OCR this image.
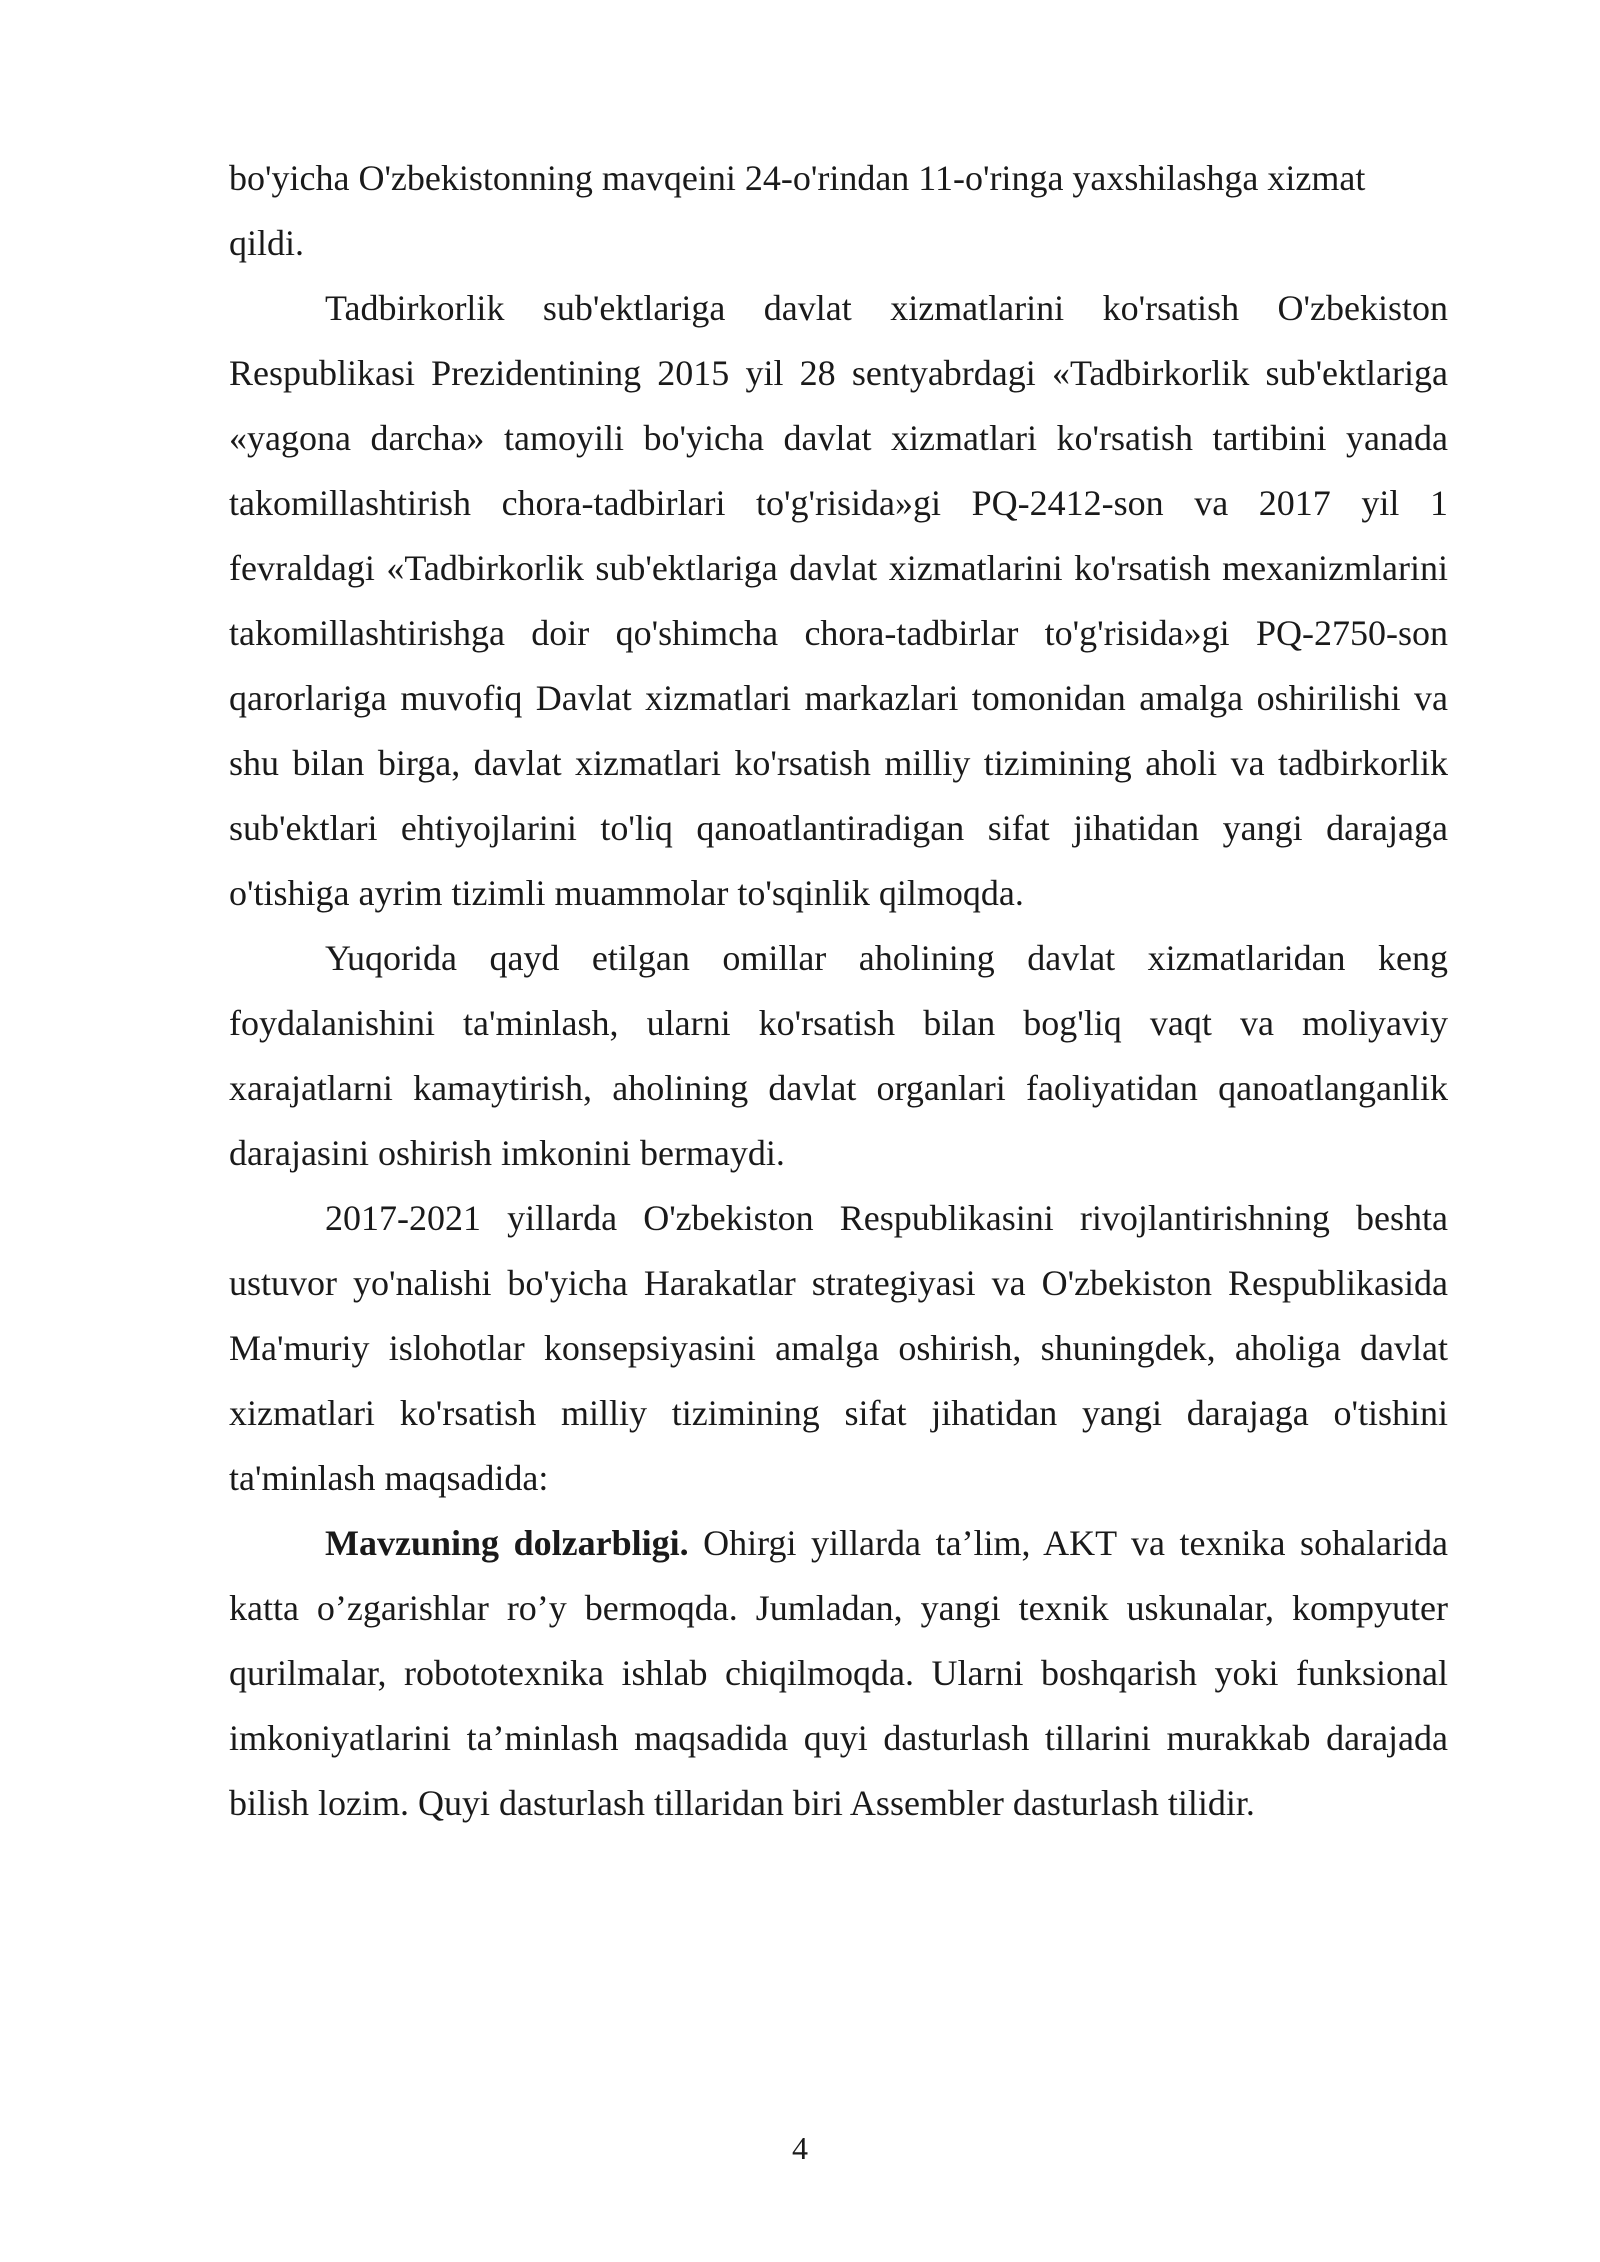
bo'yicha O'zbekistonning mavqeini 24-o'rindan 11-o'ringa yaxshilashga xizmat qildi.

Tadbirkorlik sub'ektlariga davlat xizmatlarini ko'rsatish O'zbekiston Respublikasi Prezidentining 2015 yil 28 sentyabrdagi «Tadbirkorlik sub'ektlariga «yagona darcha» tamoyili bo'yicha davlat xizmatlari ko'rsatish tartibini yanada takomillashtirish chora-tadbirlari to'g'risida»gi PQ-2412-son va 2017 yil 1 fevraldagi «Tadbirkorlik sub'ektlariga davlat xizmatlarini ko'rsatish mexanizmlarini takomillashtirishga doir qo'shimcha chora-tadbirlar to'g'risida»gi PQ-2750-son qarorlariga muvofiq Davlat xizmatlari markazlari tomonidan amalga oshirilishi va shu bilan birga, davlat xizmatlari ko'rsatish milliy tizimining aholi va tadbirkorlik sub'ektlari ehtiyojlarini to'liq qanoatlantiradigan sifat jihatidan yangi darajaga o'tishiga ayrim tizimli muammolar to'sqinlik qilmoqda.

Yuqorida qayd etilgan omillar aholining davlat xizmatlaridan keng foydalanishini ta'minlash, ularni ko'rsatish bilan bog'liq vaqt va moliyaviy xarajatlarni kamaytirish, aholining davlat organlari faoliyatidan qanoatlanganlik darajasini oshirish imkonini bermaydi.

2017-2021 yillarda O'zbekiston Respublikasini rivojlantirishning beshta ustuvor yo'nalishi bo'yicha Harakatlar strategiyasi va O'zbekiston Respublikasida Ma'muriy islohotlar konsepsiyasini amalga oshirish, shuningdek, aholiga davlat xizmatlari ko'rsatish milliy tizimining sifat jihatidan yangi darajaga o'tishini ta'minlash maqsadida:

Mavzuning dolzarbligi. Ohirgi yillarda ta’lim, AKT va texnika sohalarida katta o’zgarishlar ro’y bermoqda. Jumladan, yangi texnik uskunalar, kompyuter qurilmalar, robototexnika ishlab chiqilmoqda. Ularni boshqarish yoki funksional imkoniyatlarini ta’minlash maqsadida quyi dasturlash tillarini murakkab darajada bilish lozim. Quyi dasturlash tillaridan biri Assembler dasturlash tilidir.

4
